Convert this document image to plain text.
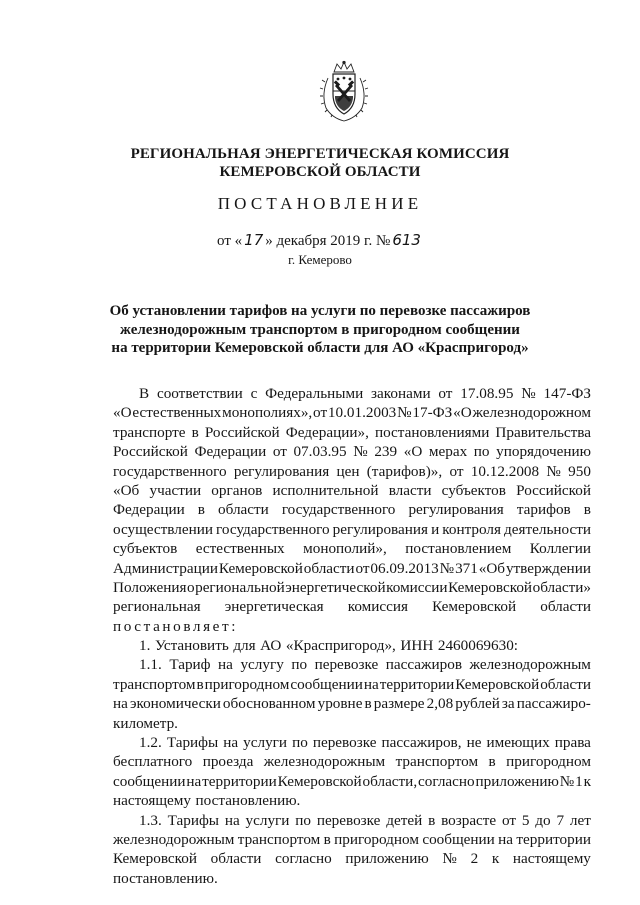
РЕГИОНАЛЬНАЯ ЭНЕРГЕТИЧЕСКАЯ КОМИССИЯ
КЕМЕРОВСКОЙ ОБЛАСТИ
ПОСТАНОВЛЕНИЕ
от « 17 » декабря 2019 г. № 613
г. Кемерово
Об установлении тарифов на услуги по перевозке пассажиров
железнодорожным транспортом в пригородном сообщении
на территории Кемеровской области для АО «Краспригород»
В соответствии с Федеральными законами от 17.08.95 № 147-ФЗ
«О естественных монополиях», от 10.01.2003 № 17-ФЗ «О железнодорожном
транспорте в Российской Федерации», постановлениями Правительства
Российской Федерации от 07.03.95 № 239 «О мерах по упорядочению
государственного регулирования цен (тарифов)», от 10.12.2008 № 950
«Об участии органов исполнительной власти субъектов Российской
Федерации в области государственного регулирования тарифов в
осуществлении государственного регулирования и контроля деятельности
субъектов естественных монополий», постановлением Коллегии
Администрации Кемеровской области от 06.09.2013 № 371 «Об утверждении
Положения о региональной энергетической комиссии Кемеровской области»
региональная энергетическая комиссия Кемеровской области
постановляет:
1. Установить для АО «Краспригород», ИНН 2460069630:
1.1. Тариф на услугу по перевозке пассажиров железнодорожным
транспортом в пригородном сообщении на территории Кемеровской области
на экономически обоснованном уровне в размере 2,08 рублей за пассажиро-
километр.
1.2. Тарифы на услуги по перевозке пассажиров, не имеющих права
бесплатного проезда железнодорожным транспортом в пригородном
сообщении на территории Кемеровской области, согласно приложению № 1 к
настоящему постановлению.
1.3. Тарифы на услуги по перевозке детей в возрасте от 5 до 7 лет
железнодорожным транспортом в пригородном сообщении на территории
Кемеровской области согласно приложению № 2 к настоящему
постановлению.
